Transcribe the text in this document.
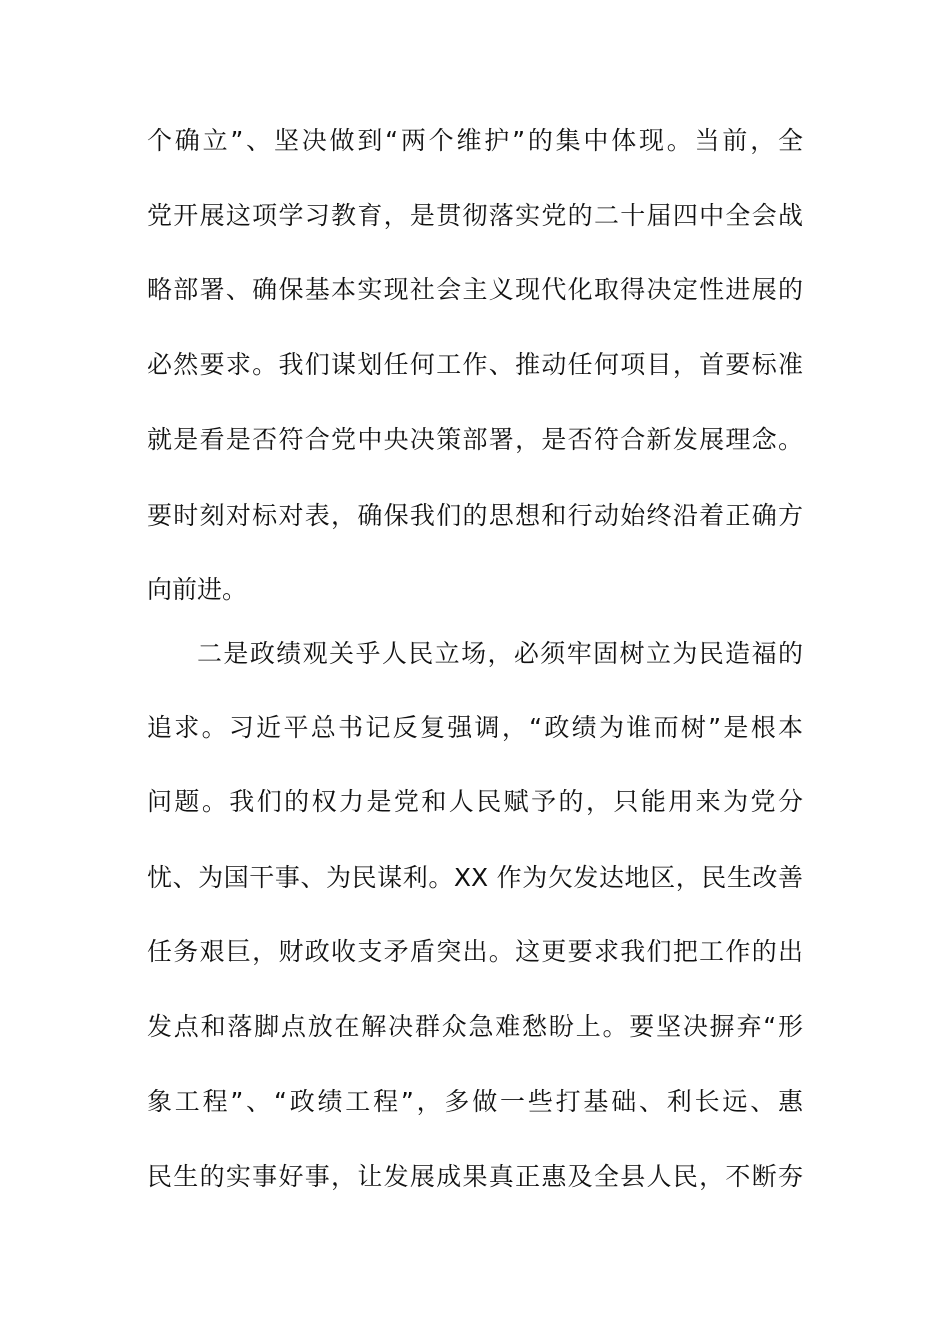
个确立”、坚决做到“两个维护”的集中体现。当前，全
党开展这项学习教育，是贯彻落实党的二十届四中全会战
略部署、确保基本实现社会主义现代化取得决定性进展的
必然要求。我们谋划任何工作、推动任何项目，首要标准
就是看是否符合党中央决策部署，是否符合新发展理念。
要时刻对标对表，确保我们的思想和行动始终沿着正确方
向前进。
二是政绩观关乎人民立场，必须牢固树立为民造福的
追求。习近平总书记反复强调，“政绩为谁而树”是根本
问题。我们的权力是党和人民赋予的，只能用来为党分
忧、为国干事、为民谋利。XX 作为欠发达地区，民生改善
任务艰巨，财政收支矛盾突出。这更要求我们把工作的出
发点和落脚点放在解决群众急难愁盼上。要坚决摒弃“形
象工程”、“政绩工程”，多做一些打基础、利长远、惠
民生的实事好事，让发展成果真正惠及全县人民，不断夯
